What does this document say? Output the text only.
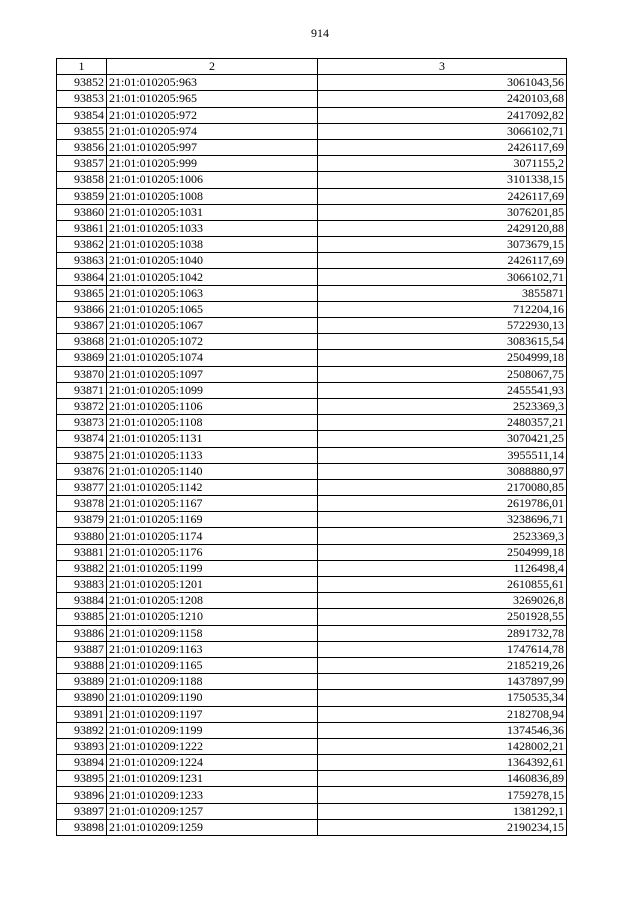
914
1	2	3
93852	21:01:010205:963	3061043,56
93853	21:01:010205:965	2420103,68
93854	21:01:010205:972	2417092,82
93855	21:01:010205:974	3066102,71
93856	21:01:010205:997	2426117,69
93857	21:01:010205:999	3071155,2
93858	21:01:010205:1006	3101338,15
93859	21:01:010205:1008	2426117,69
93860	21:01:010205:1031	3076201,85
93861	21:01:010205:1033	2429120,88
93862	21:01:010205:1038	3073679,15
93863	21:01:010205:1040	2426117,69
93864	21:01:010205:1042	3066102,71
93865	21:01:010205:1063	3855871
93866	21:01:010205:1065	712204,16
93867	21:01:010205:1067	5722930,13
93868	21:01:010205:1072	3083615,54
93869	21:01:010205:1074	2504999,18
93870	21:01:010205:1097	2508067,75
93871	21:01:010205:1099	2455541,93
93872	21:01:010205:1106	2523369,3
93873	21:01:010205:1108	2480357,21
93874	21:01:010205:1131	3070421,25
93875	21:01:010205:1133	3955511,14
93876	21:01:010205:1140	3088880,97
93877	21:01:010205:1142	2170080,85
93878	21:01:010205:1167	2619786,01
93879	21:01:010205:1169	3238696,71
93880	21:01:010205:1174	2523369,3
93881	21:01:010205:1176	2504999,18
93882	21:01:010205:1199	1126498,4
93883	21:01:010205:1201	2610855,61
93884	21:01:010205:1208	3269026,8
93885	21:01:010205:1210	2501928,55
93886	21:01:010209:1158	2891732,78
93887	21:01:010209:1163	1747614,78
93888	21:01:010209:1165	2185219,26
93889	21:01:010209:1188	1437897,99
93890	21:01:010209:1190	1750535,34
93891	21:01:010209:1197	2182708,94
93892	21:01:010209:1199	1374546,36
93893	21:01:010209:1222	1428002,21
93894	21:01:010209:1224	1364392,61
93895	21:01:010209:1231	1460836,89
93896	21:01:010209:1233	1759278,15
93897	21:01:010209:1257	1381292,1
93898	21:01:010209:1259	2190234,15
